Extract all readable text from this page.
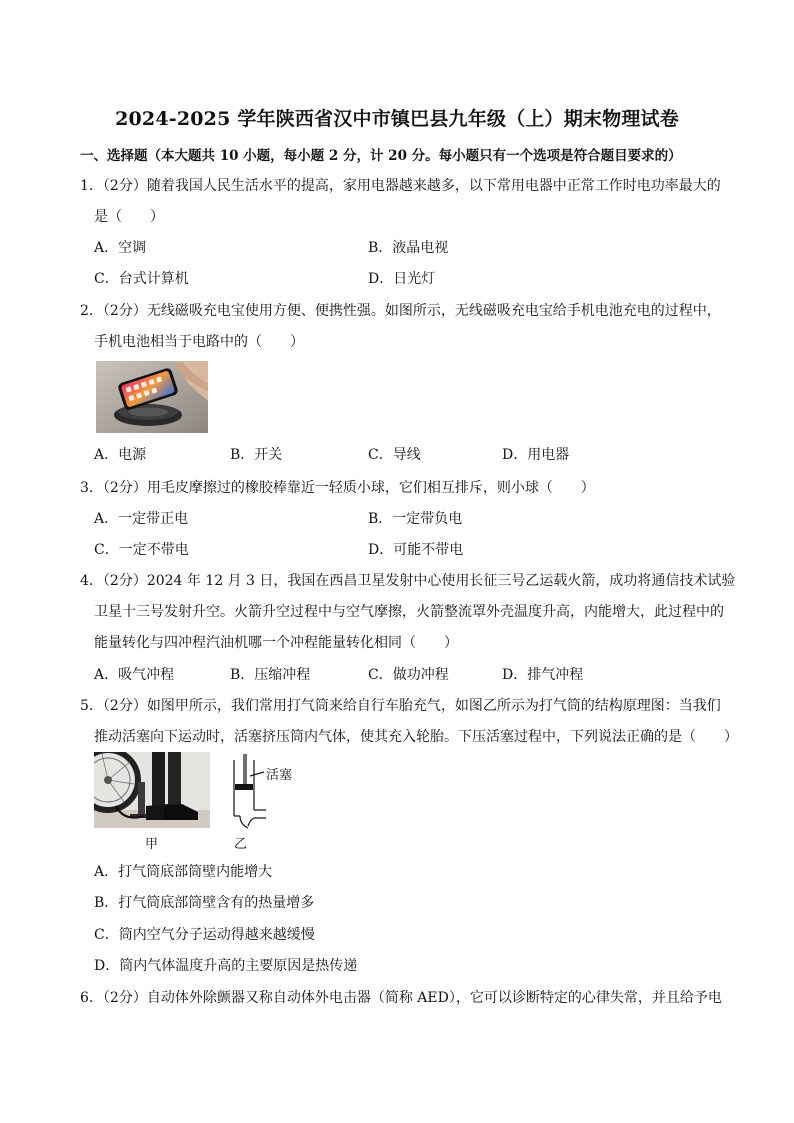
2024-2025 学年陕西省汉中市镇巴县九年级（上）期末物理试卷
一、选择题（本大题共 10 小题，每小题 2 分，计 20 分。每小题只有一个选项是符合题目要求的）
1．（2分）随着我国人民生活水平的提高，家用电器越来越多，以下常用电器中正常工作时电功率最大的
是（　　）
A．空调	B．液晶电视
C．台式计算机	D．日光灯
2．（2分）无线磁吸充电宝使用方便、便携性强。如图所示，无线磁吸充电宝给手机电池充电的过程中，
手机电池相当于电路中的（　　）
A．电源	B．开关	C．导线	D．用电器
3．（2分）用毛皮摩擦过的橡胶棒靠近一轻质小球，它们相互排斥，则小球（　　）
A．一定带正电	B．一定带负电
C．一定不带电	D．可能不带电
4．（2分）2024 年 12 月 3 日，我国在西昌卫星发射中心使用长征三号乙运载火箭，成功将通信技术试验
卫星十三号发射升空。火箭升空过程中与空气摩擦，火箭整流罩外壳温度升高，内能增大，此过程中的
能量转化与四冲程汽油机哪一个冲程能量转化相同（　　）
A．吸气冲程	B．压缩冲程	C．做功冲程	D．排气冲程
5．（2分）如图甲所示，我们常用打气筒来给自行车胎充气，如图乙所示为打气筒的结构原理图：当我们
推动活塞向下运动时，活塞挤压筒内气体，使其充入轮胎。下压活塞过程中，下列说法正确的是（　　）
甲
活塞
乙
A．打气筒底部筒壁内能增大
B．打气筒底部筒壁含有的热量增多
C．筒内空气分子运动得越来越缓慢
D．筒内气体温度升高的主要原因是热传递
6．（2分）自动体外除颤器又称自动体外电击器（简称 AED），它可以诊断特定的心律失常，并且给予电
